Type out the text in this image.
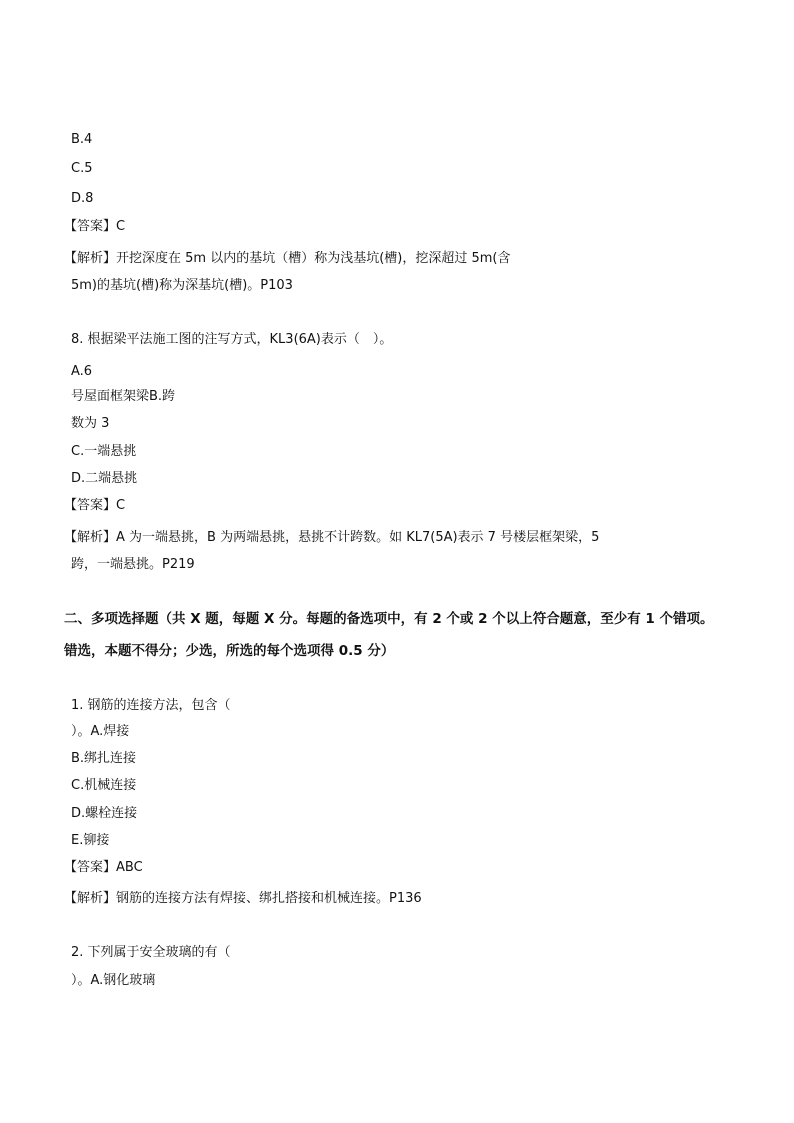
B.4
C.5
D.8
【答案】C
【解析】开挖深度在 5m 以内的基坑（槽）称为浅基坑(槽)，挖深超过 5m(含
5m)的基坑(槽)称为深基坑(槽)。P103
8. 根据梁平法施工图的注写方式，KL3(6A)表示（　）。
A.6
号屋面框架梁B.跨
数为 3
C.一端悬挑
D.二端悬挑
【答案】C
【解析】A 为一端悬挑，B 为两端悬挑，悬挑不计跨数。如 KL7(5A)表示 7 号楼层框架梁，5
跨，一端悬挑。P219
二、多项选择题（共 X 题，每题 X 分。每题的备选项中，有 2 个或 2 个以上符合题意，至少有 1 个错项。
错选，本题不得分；少选，所选的每个选项得 0.5 分）
1. 钢筋的连接方法，包含（
）。A.焊接
B.绑扎连接
C.机械连接
D.螺栓连接
E.铆接
【答案】ABC
【解析】钢筋的连接方法有焊接、绑扎搭接和机械连接。P136
2. 下列属于安全玻璃的有（
）。A.钢化玻璃
